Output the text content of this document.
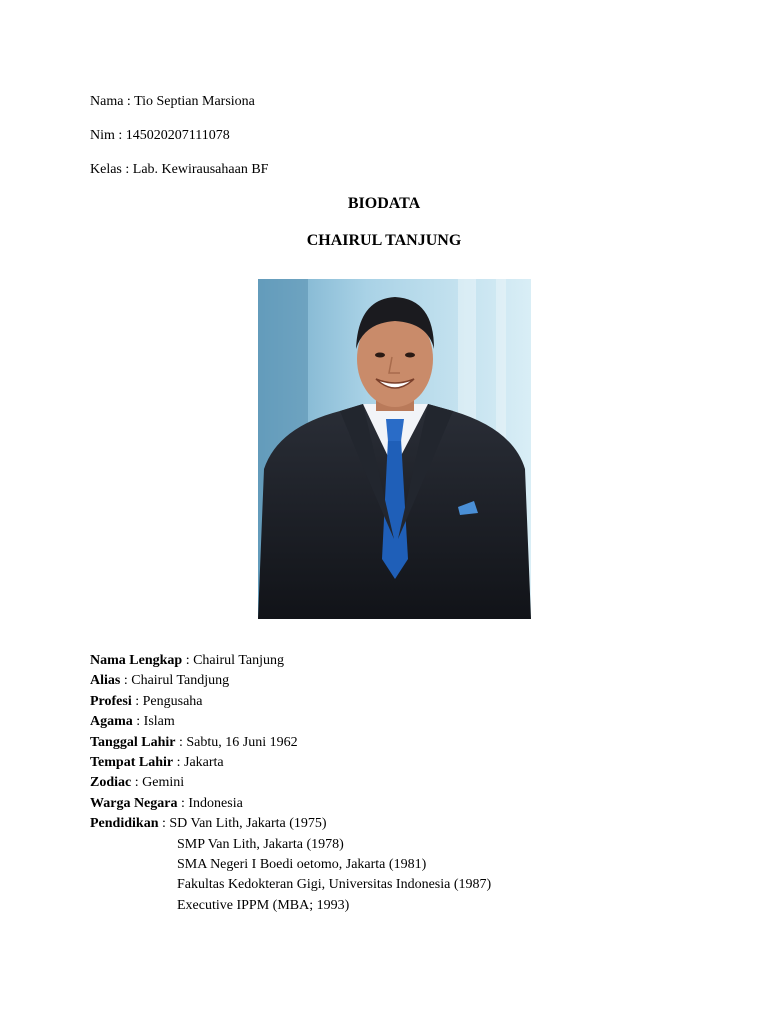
Nama : Tio Septian Marsiona
Nim : 145020207111078
Kelas : Lab. Kewirausahaan BF
BIODATA
CHAIRUL TANJUNG
Nama Lengkap : Chairul Tanjung
Alias : Chairul Tandjung
Profesi : Pengusaha
Agama : Islam
Tanggal Lahir : Sabtu, 16 Juni 1962
Tempat Lahir : Jakarta
Zodiac : Gemini
Warga Negara : Indonesia
Pendidikan : SD Van Lith, Jakarta (1975)
SMP Van Lith, Jakarta (1978)
SMA Negeri I Boedi oetomo, Jakarta (1981)
Fakultas Kedokteran Gigi, Universitas Indonesia (1987)
Executive IPPM (MBA; 1993)
